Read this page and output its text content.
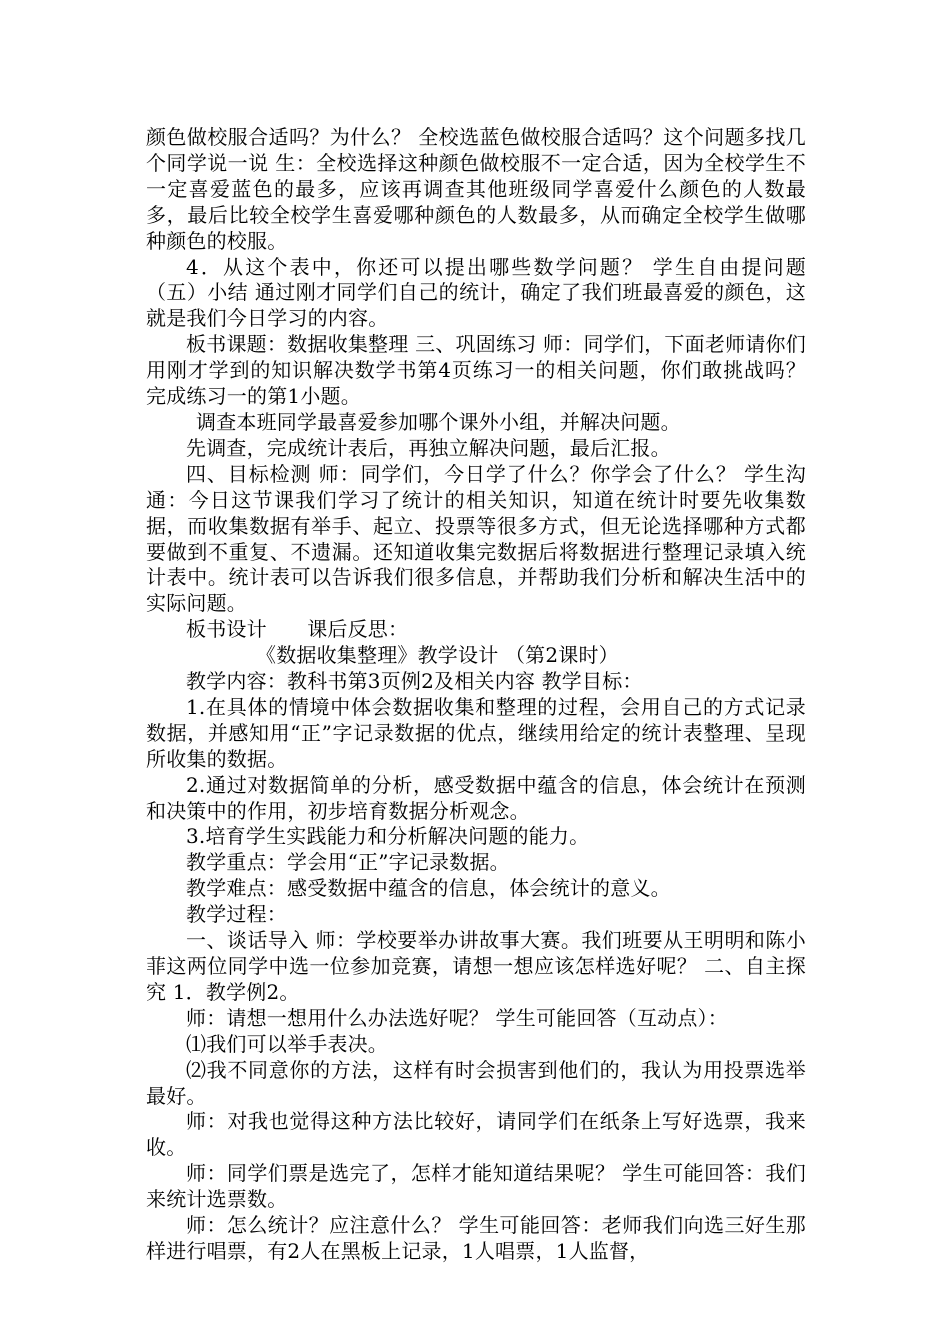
颜色做校服合适吗？为什么？ 全校选蓝色做校服合适吗？这个问题多找几个同学说一说 生：全校选择这种颜色做校服不一定合适，因为全校学生不一定喜爱蓝色的最多，应该再调查其他班级同学喜爱什么颜色的人数最多，最后比较全校学生喜爱哪种颜色的人数最多，从而确定全校学生做哪种颜色的校服。

4．从这个表中，你还可以提出哪些数学问题？ 学生自由提问题 （五）小结 通过刚才同学们自己的统计，确定了我们班最喜爱的颜色，这就是我们今日学习的内容。

板书课题：数据收集整理 三、巩固练习 师：同学们，下面老师请你们用刚才学到的知识解决数学书第4页练习一的相关问题，你们敢挑战吗？ 完成练习一的第1小题。

调查本班同学最喜爱参加哪个课外小组，并解决问题。

先调查，完成统计表后，再独立解决问题，最后汇报。

四、目标检测 师：同学们，今日学了什么？你学会了什么？ 学生沟通：今日这节课我们学习了统计的相关知识，知道在统计时要先收集数据，而收集数据有举手、起立、投票等很多方式，但无论选择哪种方式都要做到不重复、不遗漏。还知道收集完数据后将数据进行整理记录填入统计表中。统计表可以告诉我们很多信息，并帮助我们分析和解决生活中的实际问题。

板书设计　　课后反思：

《数据收集整理》教学设计 （第2课时）

教学内容：教科书第3页例2及相关内容 教学目标：

1.在具体的情境中体会数据收集和整理的过程，会用自己的方式记录数据，并感知用“正”字记录数据的优点，继续用给定的统计表整理、呈现所收集的数据。

2.通过对数据简单的分析，感受数据中蕴含的信息，体会统计在预测和决策中的作用，初步培育数据分析观念。

3.培育学生实践能力和分析解决问题的能力。

教学重点：学会用“正”字记录数据。

教学难点：感受数据中蕴含的信息，体会统计的意义。

教学过程：

一、谈话导入 师：学校要举办讲故事大赛。我们班要从王明明和陈小菲这两位同学中选一位参加竞赛，请想一想应该怎样选好呢？ 二、自主探究 1．教学例2。

师：请想一想用什么办法选好呢？ 学生可能回答（互动点）：

⑴我们可以举手表决。

⑵我不同意你的方法，这样有时会损害到他们的，我认为用投票选举最好。

师：对我也觉得这种方法比较好，请同学们在纸条上写好选票，我来收。

师：同学们票是选完了，怎样才能知道结果呢？ 学生可能回答：我们来统计选票数。

师：怎么统计？应注意什么？ 学生可能回答：老师我们向选三好生那样进行唱票，有2人在黑板上记录，1人唱票，1人监督，
